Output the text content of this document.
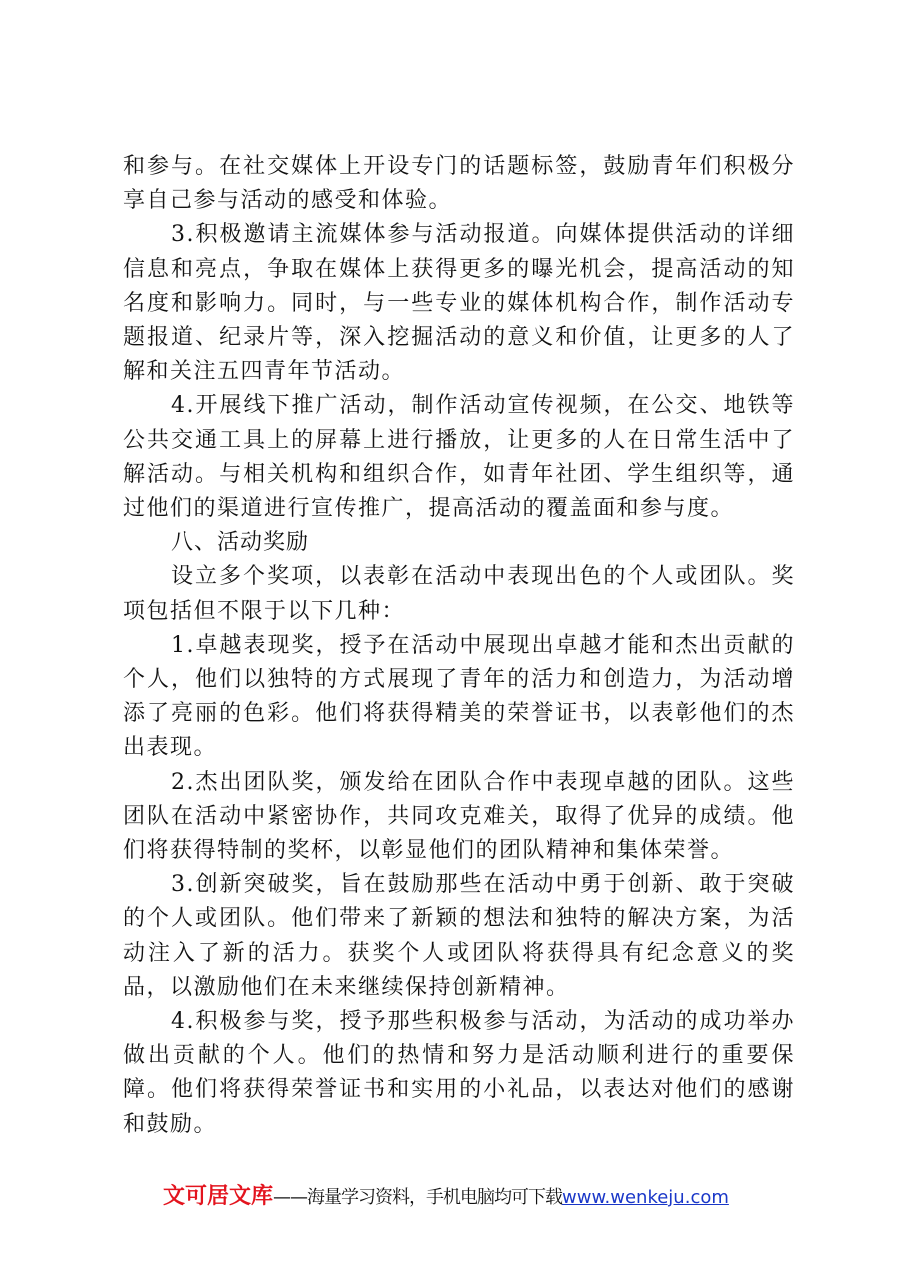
和参与。在社交媒体上开设专门的话题标签，鼓励青年们积极分享自己参与活动的感受和体验。

3.积极邀请主流媒体参与活动报道。向媒体提供活动的详细信息和亮点，争取在媒体上获得更多的曝光机会，提高活动的知名度和影响力。同时，与一些专业的媒体机构合作，制作活动专题报道、纪录片等，深入挖掘活动的意义和价值，让更多的人了解和关注五四青年节活动。

4.开展线下推广活动，制作活动宣传视频，在公交、地铁等公共交通工具上的屏幕上进行播放，让更多的人在日常生活中了解活动。与相关机构和组织合作，如青年社团、学生组织等，通过他们的渠道进行宣传推广，提高活动的覆盖面和参与度。

八、活动奖励

设立多个奖项，以表彰在活动中表现出色的个人或团队。奖项包括但不限于以下几种：

1.卓越表现奖，授予在活动中展现出卓越才能和杰出贡献的个人，他们以独特的方式展现了青年的活力和创造力，为活动增添了亮丽的色彩。他们将获得精美的荣誉证书，以表彰他们的杰出表现。

2.杰出团队奖，颁发给在团队合作中表现卓越的团队。这些团队在活动中紧密协作，共同攻克难关，取得了优异的成绩。他们将获得特制的奖杯，以彰显他们的团队精神和集体荣誉。

3.创新突破奖，旨在鼓励那些在活动中勇于创新、敢于突破的个人或团队。他们带来了新颖的想法和独特的解决方案，为活动注入了新的活力。获奖个人或团队将获得具有纪念意义的奖品，以激励他们在未来继续保持创新精神。

4.积极参与奖，授予那些积极参与活动，为活动的成功举办做出贡献的个人。他们的热情和努力是活动顺利进行的重要保障。他们将获得荣誉证书和实用的小礼品，以表达对他们的感谢和鼓励。

文可居文库——海量学习资料，手机电脑均可下载www.wenkeju.com
